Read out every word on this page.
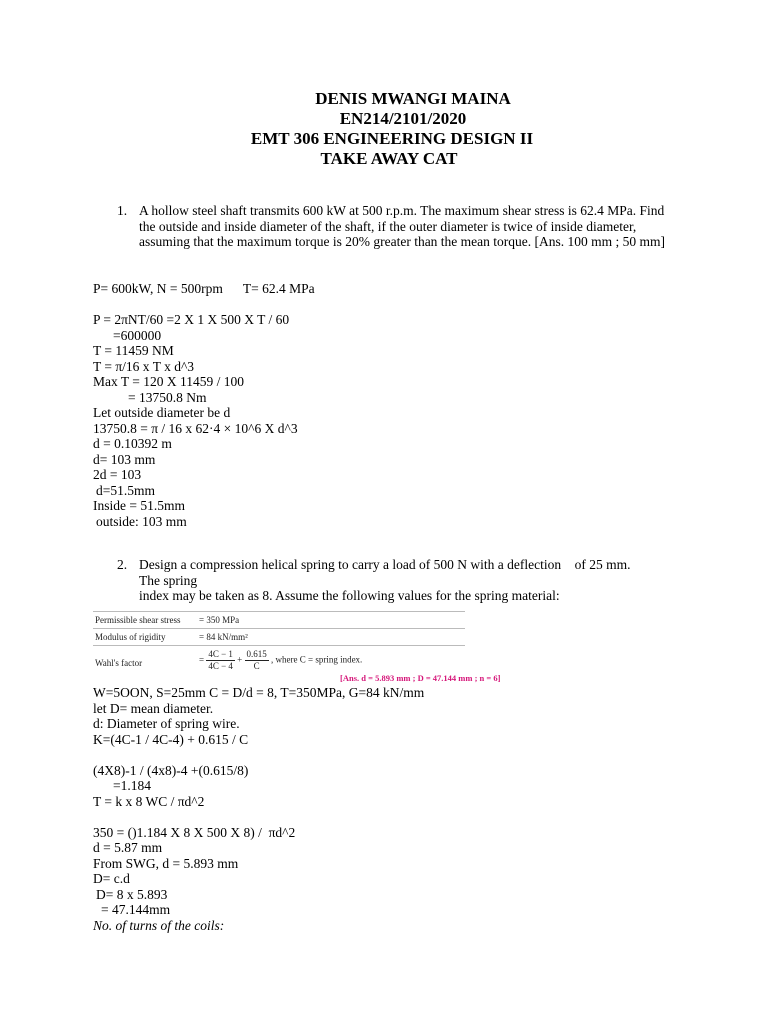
DENIS MWANGI MAINA
EN214/2101/2020
EMT 306 ENGINEERING DESIGN II
TAKE AWAY CAT
1. A hollow steel shaft transmits 600 kW at 500 r.p.m. The maximum shear stress is 62.4 MPa. Find the outside and inside diameter of the shaft, if the outer diameter is twice of inside diameter, assuming that the maximum torque is 20% greater than the mean torque. [Ans. 100 mm ; 50 mm]
P= 600kW, N = 500rpm      T= 62.4 MPa
P = 2πNT/60 =2 X 1 X 500 X T / 60
=600000
T = 11459 NM
T = π/16 x T x d^3
Max T = 120 X 11459 / 100
= 13750.8 Nm
Let outside diameter be d
13750.8 = π / 16 x 62·4 × 10^6 X d^3
d = 0.10392 m
d= 103 mm
2d = 103
d=51.5mm
Inside = 51.5mm
outside: 103 mm
2. Design a compression helical spring to carry a load of 500 N with a deflection    of 25 mm.
The spring
index may be taken as 8. Assume the following values for the spring material:
Permissible shear stress = 350 MPa
Modulus of rigidity	= 84 kN/mm²
Wahl's factor	= $\frac{4C - 1}{4C - 4} + \frac{0.615}{C}$ , where C = spring index.
[Ans. d = 5.893 mm ; D = 47.144 mm ; n = 6]
W=5OON, S=25mm C = D/d = 8, T=350MPa, G=84 kN/mm
let D= mean diameter.
d: Diameter of spring wire.
K=(4C-1 / 4C-4) + 0.615 / C
(4X8)-1 / (4x8)-4 +(0.615/8)
=1.184
T = k x 8 WC / πd^2
350 = ()1.184 X 8 X 500 X 8) /  πd^2
d = 5.87 mm
From SWG, d = 5.893 mm
D= c.d
D= 8 x 5.893
= 47.144mm
No. of turns of the coils:
